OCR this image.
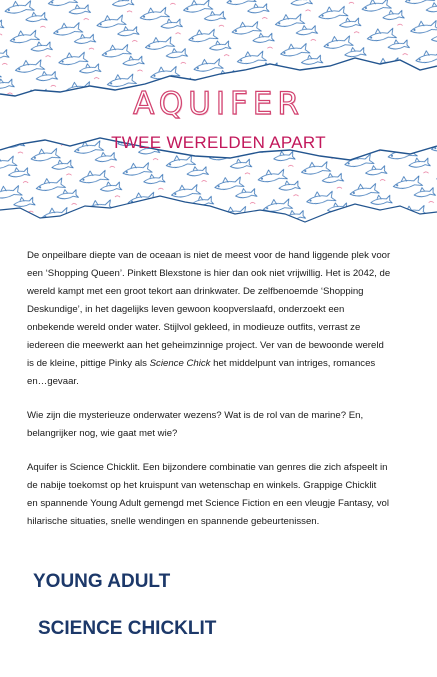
AQUIFER
TWEE WERELDEN APART

De onpeilbare diepte van de oceaan is niet de meest voor de hand liggende plek voor
een ‘Shopping Queen’. Pinkett Blexstone is hier dan ook niet vrijwillig. Het is 2042, de
wereld kampt met een groot tekort aan drinkwater. De zelfbenoemde ‘Shopping
Deskundige’, in het dagelijks leven gewoon koopverslaafd, onderzoekt een
onbekende wereld onder water. Stijlvol gekleed, in modieuze outfits, verrast ze
iedereen die meewerkt aan het geheimzinnige project. Ver van de bewoonde wereld
is de kleine, pittige Pinky als Science Chick het middelpunt van intriges, romances
en…gevaar.

Wie zijn die mysterieuze onderwater wezens? Wat is de rol van de marine? En,
belangrijker nog, wie gaat met wie?

Aquifer is Science Chicklit. Een bijzondere combinatie van genres die zich afspeelt in
de nabije toekomst op het kruispunt van wetenschap en winkels. Grappige Chicklit
en spannende Young Adult gemengd met Science Fiction en een vleugje Fantasy, vol
hilarische situaties, snelle wendingen en spannende gebeurtenissen.

YOUNG ADULT
SCIENCE CHICKLIT
